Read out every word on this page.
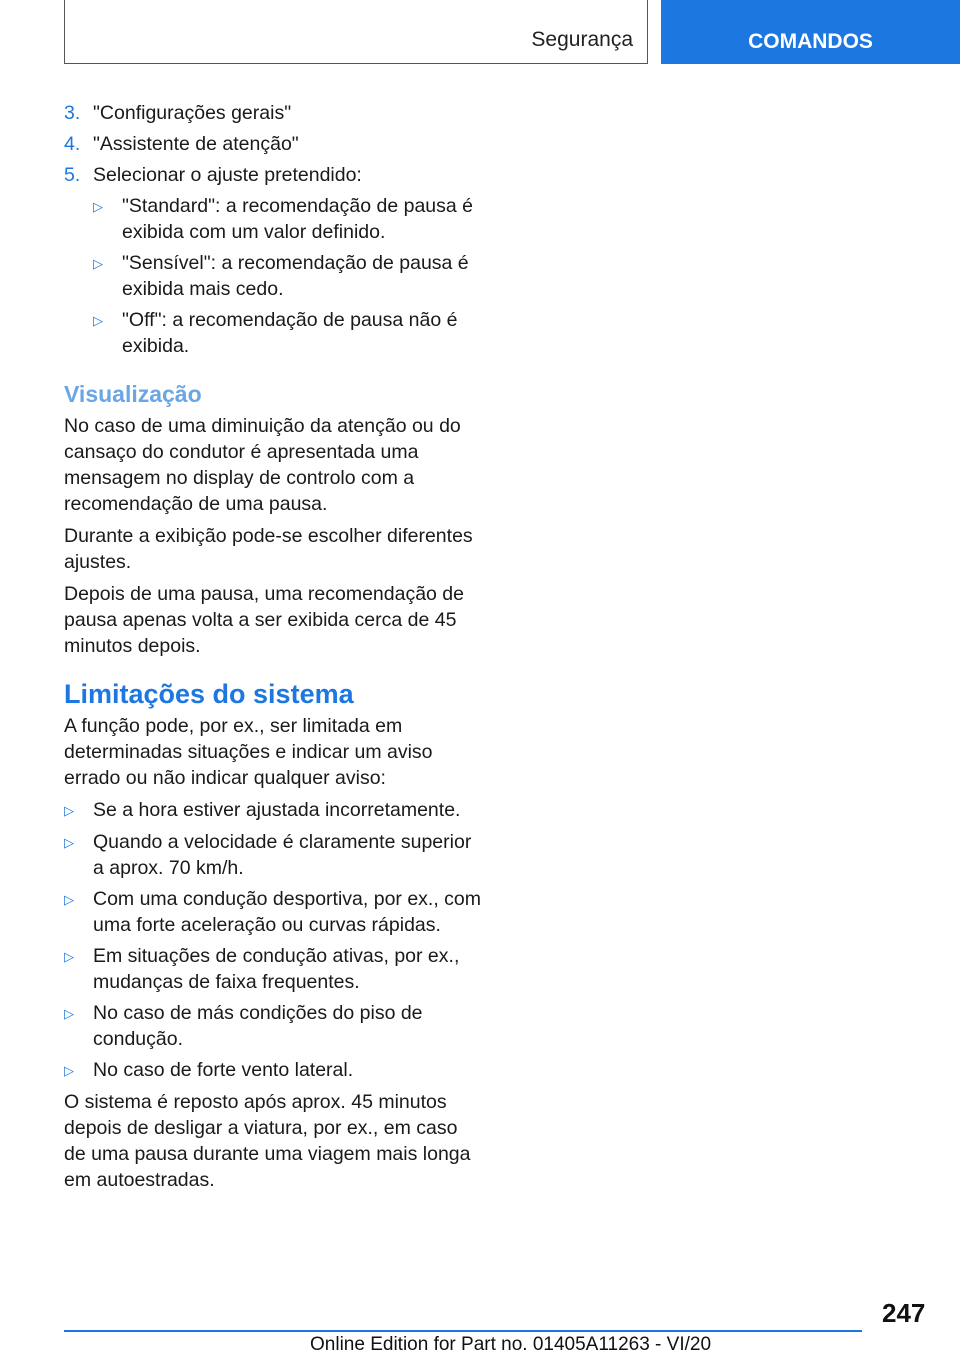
Segurança	COMANDOS
3. "Configurações gerais"
4. "Assistente de atenção"
5. Selecionar o ajuste pretendido:
▷ "Standard": a recomendação de pausa é exibida com um valor definido.
▷ "Sensível": a recomendação de pausa é exibida mais cedo.
▷ "Off": a recomendação de pausa não é exibida.
Visualização

No caso de uma diminuição da atenção ou do cansaço do condutor é apresentada uma mensagem no display de controlo com a recomendação de uma pausa.

Durante a exibição pode-se escolher diferentes ajustes.

Depois de uma pausa, uma recomendação de pausa apenas volta a ser exibida cerca de 45 minutos depois.

Limitações do sistema

A função pode, por ex., ser limitada em determinadas situações e indicar um aviso errado ou não indicar qualquer aviso:

▷ Se a hora estiver ajustada incorretamente.
▷ Quando a velocidade é claramente superior a aprox. 70 km/h.
▷ Com uma condução desportiva, por ex., com uma forte aceleração ou curvas rápidas.
▷ Em situações de condução ativas, por ex., mudanças de faixa frequentes.
▷ No caso de más condições do piso de condução.
▷ No caso de forte vento lateral.

O sistema é reposto após aprox. 45 minutos depois de desligar a viatura, por ex., em caso de uma pausa durante uma viagem mais longa em autoestradas.

247
Online Edition for Part no. 01405A11263 - VI/20
